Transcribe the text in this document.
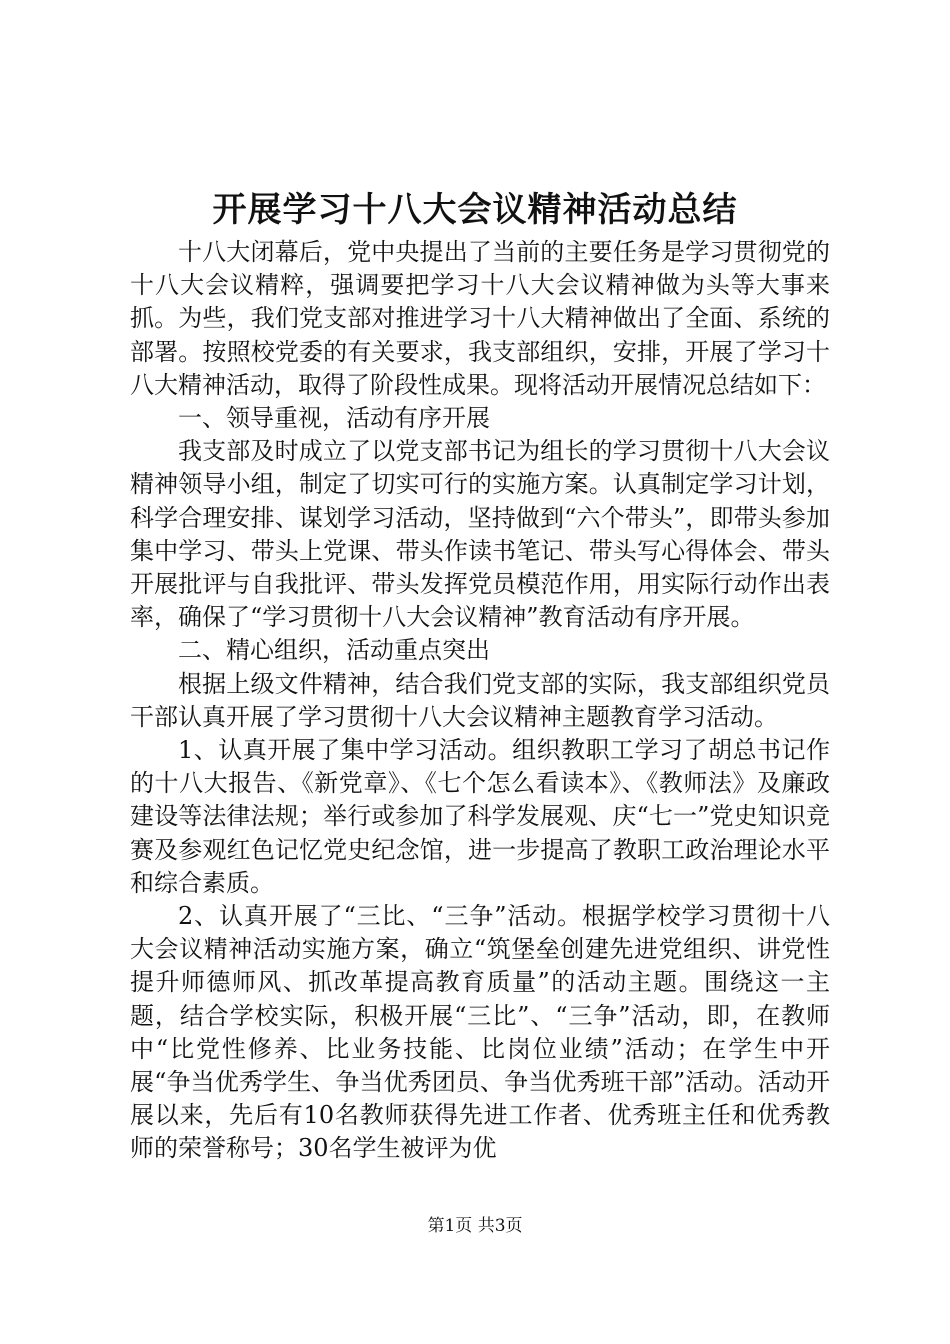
开展学习十八大会议精神活动总结

十八大闭幕后，党中央提出了当前的主要任务是学习贯彻党的十八大会议精粹，强调要把学习十八大会议精神做为头等大事来抓。为些，我们党支部对推进学习十八大精神做出了全面、系统的部署。按照校党委的有关要求，我支部组织，安排，开展了学习十八大精神活动，取得了阶段性成果。现将活动开展情况总结如下：

一、领导重视，活动有序开展

我支部及时成立了以党支部书记为组长的学习贯彻十八大会议精神领导小组，制定了切实可行的实施方案。认真制定学习计划，科学合理安排、谋划学习活动，坚持做到“六个带头”，即带头参加集中学习、带头上党课、带头作读书笔记、带头写心得体会、带头开展批评与自我批评、带头发挥党员模范作用，用实际行动作出表率，确保了“学习贯彻十八大会议精神”教育活动有序开展。

二、精心组织，活动重点突出

根据上级文件精神，结合我们党支部的实际，我支部组织党员干部认真开展了学习贯彻十八大会议精神主题教育学习活动。

1、认真开展了集中学习活动。组织教职工学习了胡总书记作的十八大报告、《新党章》、《七个怎么看读本》、《教师法》及廉政建设等法律法规；举行或参加了科学发展观、庆“七一”党史知识竞赛及参观红色记忆党史纪念馆，进一步提高了教职工政治理论水平和综合素质。

2、认真开展了“三比、“三争”活动。根据学校学习贯彻十八大会议精神活动实施方案，确立“筑堡垒创建先进党组织、讲党性提升师德师风、抓改革提高教育质量”的活动主题。围绕这一主题，结合学校实际，积极开展“三比”、“三争”活动，即，在教师中“比党性修养、比业务技能、比岗位业绩”活动；在学生中开展“争当优秀学生、争当优秀团员、争当优秀班干部”活动。活动开展以来，先后有10名教师获得先进工作者、优秀班主任和优秀教师的荣誉称号；30名学生被评为优

第1页 共3页
